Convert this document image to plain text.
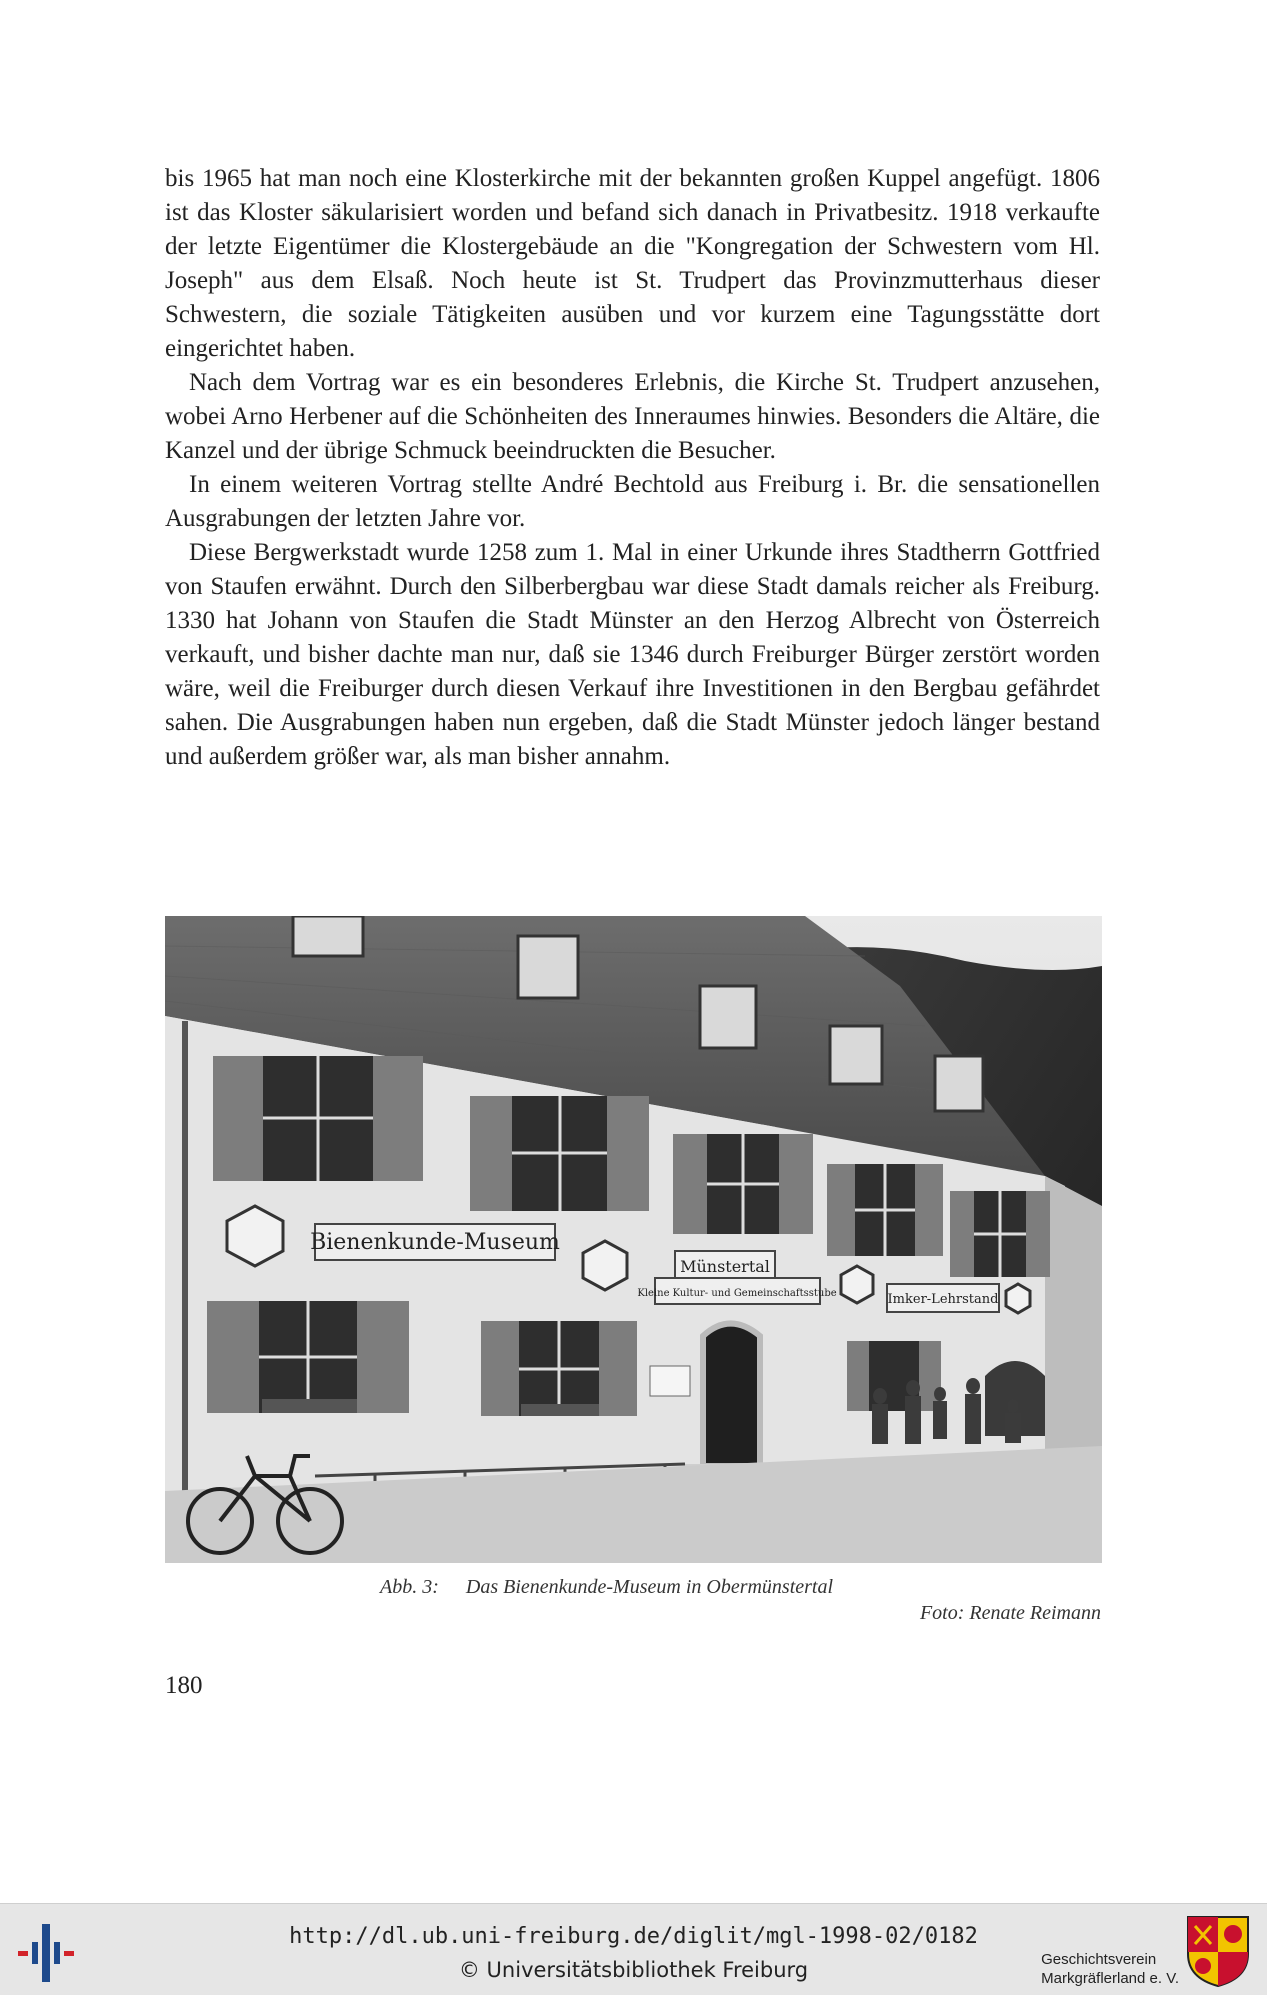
bis 1965 hat man noch eine Klosterkirche mit der bekannten großen Kuppel angefügt. 1806 ist das Kloster säkularisiert worden und befand sich danach in Privatbesitz. 1918 verkaufte der letzte Eigentümer die Klostergebäude an die "Kongregation der Schwestern vom Hl. Joseph" aus dem Elsaß. Noch heute ist St. Trudpert das Provinzmutterhaus dieser Schwestern, die soziale Tätigkeiten ausüben und vor kurzem eine Tagungsstätte dort eingerichtet haben.

Nach dem Vortrag war es ein besonderes Erlebnis, die Kirche St. Trudpert anzusehen, wobei Arno Herbener auf die Schönheiten des Inneraumes hinwies. Besonders die Altäre, die Kanzel und der übrige Schmuck beeindruckten die Besucher.

In einem weiteren Vortrag stellte André Bechtold aus Freiburg i. Br. die sensationellen Ausgrabungen der letzten Jahre vor.

Diese Bergwerkstadt wurde 1258 zum 1. Mal in einer Urkunde ihres Stadtherrn Gottfried von Staufen erwähnt. Durch den Silberbergbau war diese Stadt damals reicher als Freiburg. 1330 hat Johann von Staufen die Stadt Münster an den Herzog Albrecht von Österreich verkauft, und bisher dachte man nur, daß sie 1346 durch Freiburger Bürger zerstört worden wäre, weil die Freiburger durch diesen Verkauf ihre Investitionen in den Bergbau gefährdet sahen. Die Ausgrabungen haben nun ergeben, daß die Stadt Münster jedoch länger bestand und außerdem größer war, als man bisher annahm.

Bienenkunde-Museum
Münstertal
Kleine Kultur- und Gemeinschaftsstube	Imker-Lehrstand
Abb. 3: Das Bienenkunde-Museum in Obermünstertal
Foto: Renate Reimann
180
http://dl.ub.uni-freiburg.de/diglit/mgl-1998-02/0182
© Universitätsbibliothek Freiburg	Geschichtsverein
Markgräflerland e. V.
